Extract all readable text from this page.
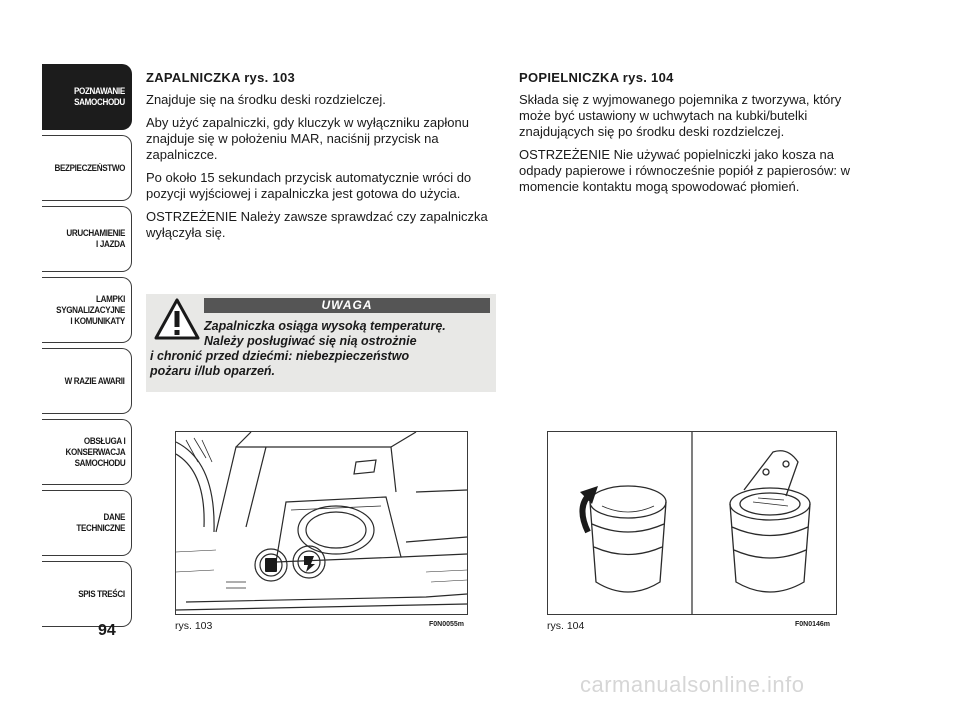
POZNAWANIE
SAMOCHODU
BEZPIECZEŃSTWO
URUCHAMIENIE
I JAZDA
LAMPKI
SYGNALIZACYJNE
I KOMUNIKATY
W RAZIE AWARII
OBSŁUGA I
KONSERWACJA
SAMOCHODU
DANE TECHNICZNE
SPIS TREŚCI
94
ZAPALNICZKA rys. 103

Znajduje się na środku deski rozdzielczej.

Aby użyć zapalniczki, gdy kluczyk w wyłączniku zapłonu znajduje się w położeniu MAR, naciśnij przycisk na zapalniczce.

Po około 15 sekundach przycisk automatycznie wróci do pozycji wyjściowej i zapalniczka jest gotowa do użycia.

OSTRZEŻENIE Należy zawsze sprawdzać czy zapalniczka wyłączyła się.

UWAGA
Zapalniczka osiąga wysoką temperaturę.
Należy posługiwać się nią ostrożnie
i chronić przed dziećmi: niebezpieczeństwo
pożaru i/lub oparzeń.
POPIELNICZKA rys. 104

Składa się z wyjmowanego pojemnika z tworzywa, który może być ustawiony w uchwytach na kubki/butelki znajdujących się po środku deski rozdzielczej.

OSTRZEŻENIE Nie używać popielniczki jako kosza na odpady papierowe i równocześnie popiół z papierosów: w momencie kontaktu mogą spowodować płomień.

rys. 103	F0N0055m	rys. 104	F0N0146m
carmanualsonline.info
